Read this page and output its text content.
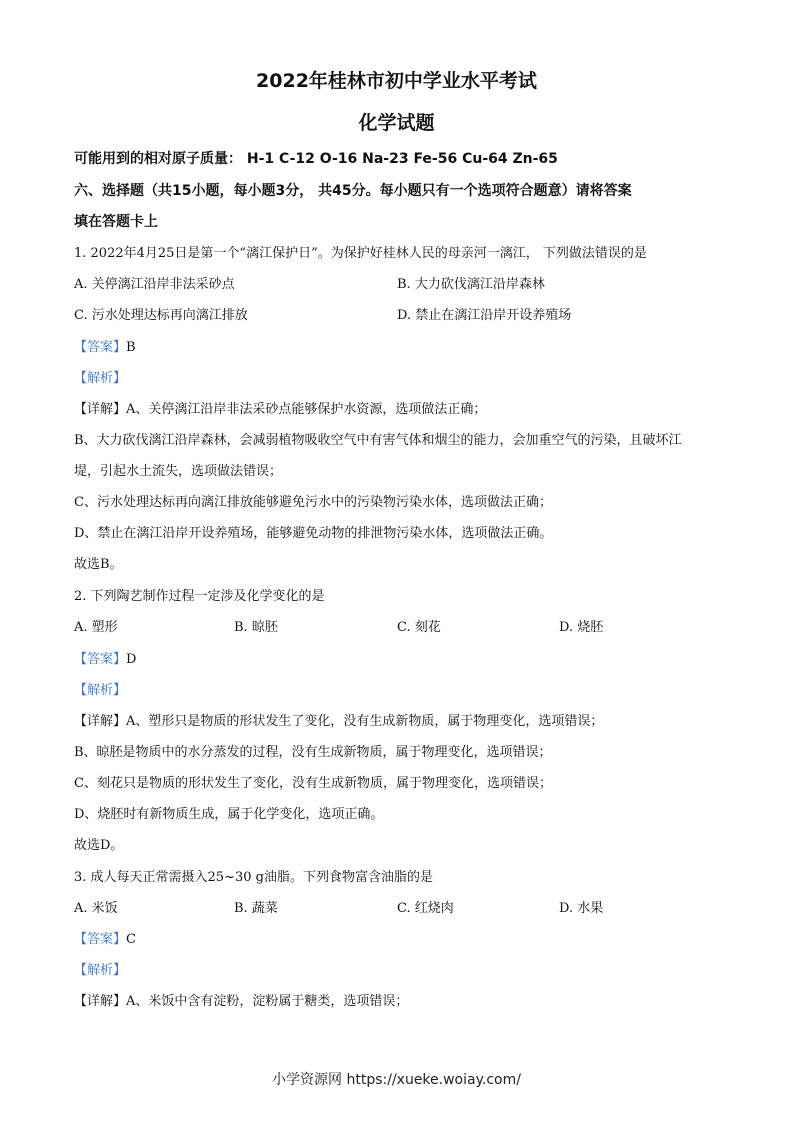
2022年桂林市初中学业水平考试
化学试题
可能用到的相对原子质量： H-1 C-12 O-16 Na-23 Fe-56 Cu-64 Zn-65
六、选择题（共15小题，每小题3分， 共45分。每小题只有一个选项符合题意）请将答案
填在答题卡上
1. 2022年4月25日是第一个“漓江保护日”。为保护好桂林人民的母亲河一漓江， 下列做法错误的是
A. 关停漓江沿岸非法采砂点	B. 大力砍伐漓江沿岸森林
C. 污水处理达标再向漓江排放	D. 禁止在漓江沿岸开设养殖场
【答案】B
【解析】
【详解】A、关停漓江沿岸非法采砂点能够保护水资源，选项做法正确；
B、大力砍伐漓江沿岸森林，会减弱植物吸收空气中有害气体和烟尘的能力，会加重空气的污染，且破坏江
堤，引起水土流失，选项做法错误；
C、污水处理达标再向漓江排放能够避免污水中的污染物污染水体，选项做法正确；
D、禁止在漓江沿岸开设养殖场，能够避免动物的排泄物污染水体，选项做法正确。
故选B。
2. 下列陶艺制作过程一定涉及化学变化的是
A. 塑形	B. 晾胚	C. 刻花	D. 烧胚
【答案】D
【解析】
【详解】A、塑形只是物质的形状发生了变化，没有生成新物质，属于物理变化，选项错误；
B、晾胚是物质中的水分蒸发的过程，没有生成新物质，属于物理变化，选项错误；
C、刻花只是物质的形状发生了变化，没有生成新物质，属于物理变化，选项错误；
D、烧胚时有新物质生成，属于化学变化，选项正确。
故选D。
3. 成人每天正常需摄入25~30 g油脂。下列食物富含油脂的是
A. 米饭	B. 蔬菜	C. 红烧肉	D. 水果
【答案】C
【解析】
【详解】A、米饭中含有淀粉，淀粉属于糖类，选项错误；
小学资源网 https://xueke.woiay.com/
